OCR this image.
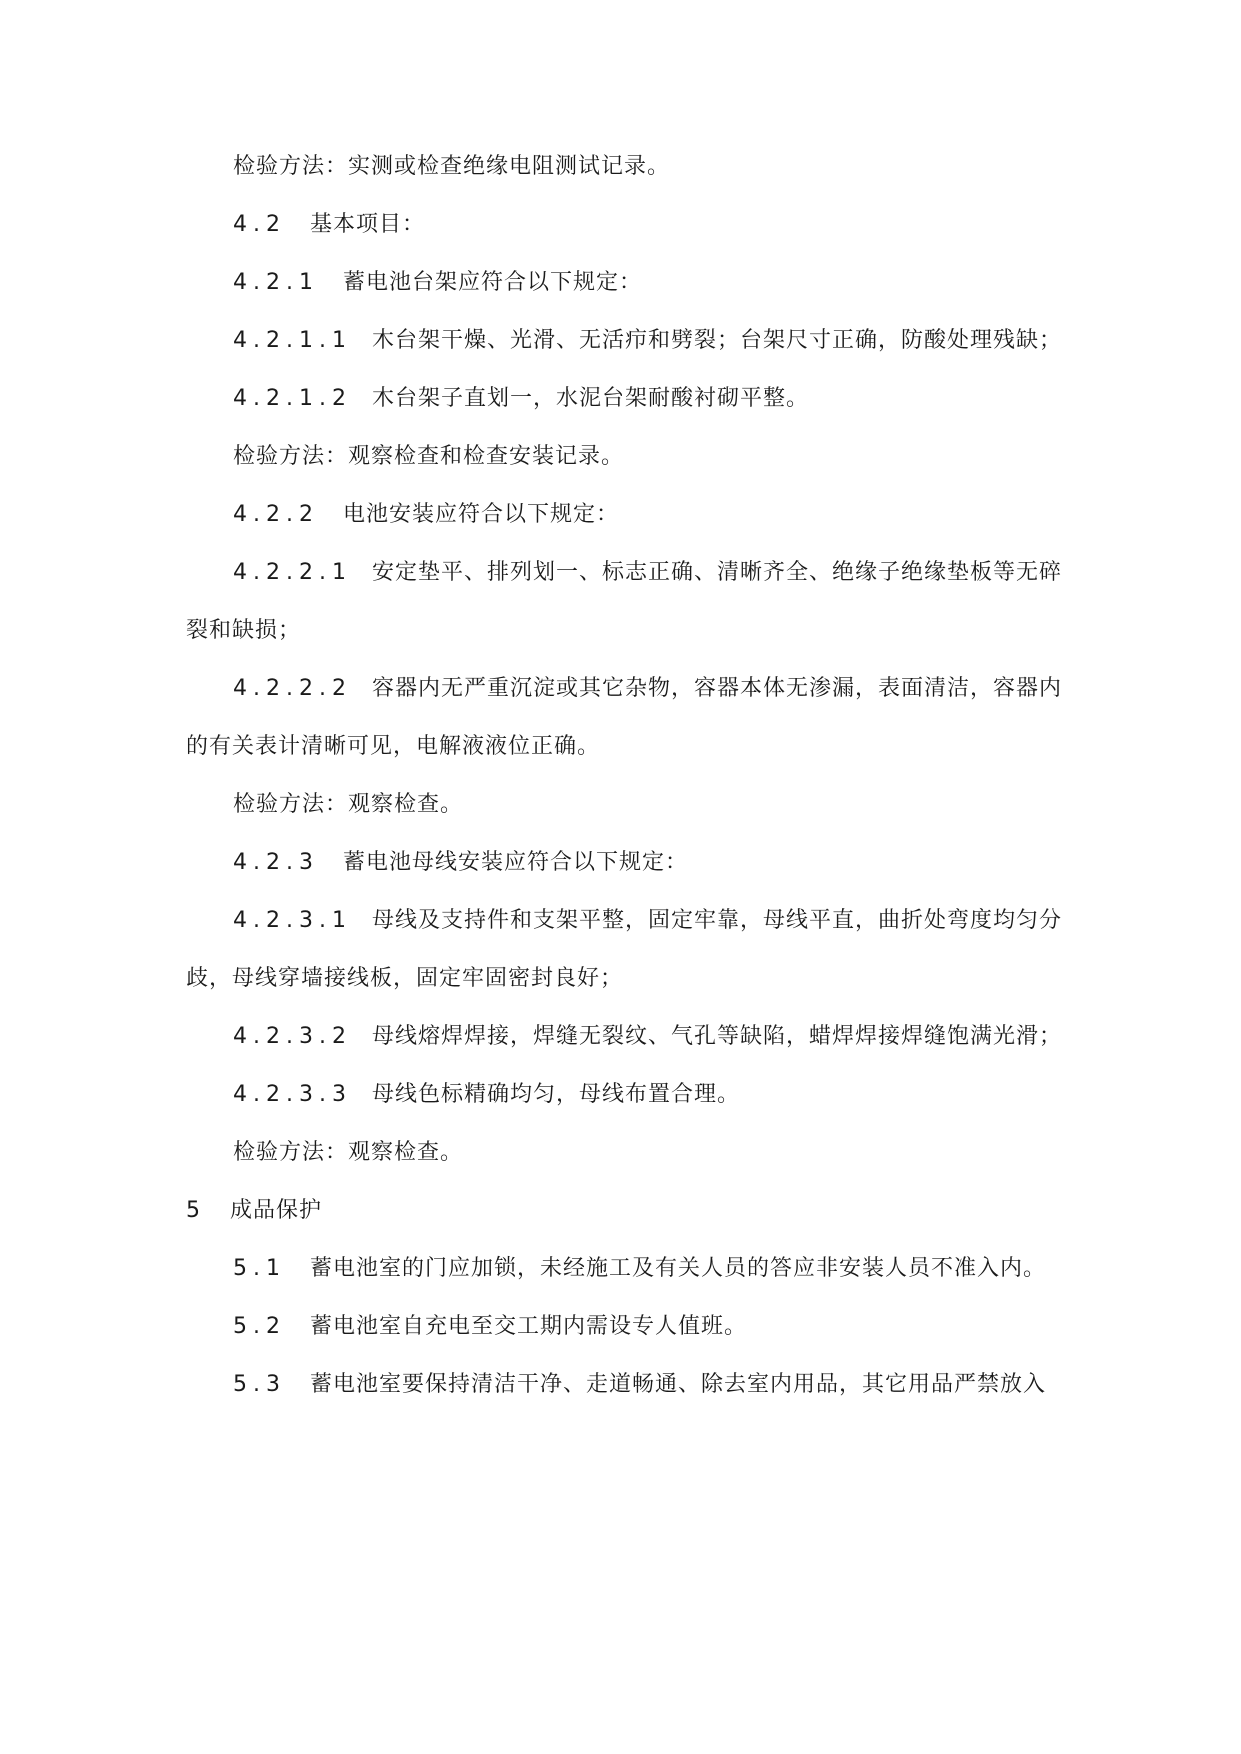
检验方法：实测或检查绝缘电阻测试记录。
4.2 基本项目：
4.2.1 蓄电池台架应符合以下规定：
4.2.1.1 木台架干燥、光滑、无活疖和劈裂；台架尺寸正确，防酸处理残缺；
4.2.1.2 木台架子直划一，水泥台架耐酸衬砌平整。
检验方法：观察检查和检查安装记录。
4.2.2 电池安装应符合以下规定：
4.2.2.1 安定垫平、排列划一、标志正确、清晰齐全、绝缘子绝缘垫板等无碎
裂和缺损；
4.2.2.2 容器内无严重沉淀或其它杂物，容器本体无渗漏，表面清洁，容器内
的有关表计清晰可见，电解液液位正确。
检验方法：观察检查。
4.2.3 蓄电池母线安装应符合以下规定：
4.2.3.1 母线及支持件和支架平整，固定牢靠，母线平直，曲折处弯度均匀分
歧，母线穿墙接线板，固定牢固密封良好；
4.2.3.2 母线熔焊焊接，焊缝无裂纹、气孔等缺陷，蜡焊焊接焊缝饱满光滑；
4.2.3.3 母线色标精确均匀，母线布置合理。
检验方法：观察检查。
5 成品保护
5.1 蓄电池室的门应加锁，未经施工及有关人员的答应非安装人员不准入内。
5.2 蓄电池室自充电至交工期内需设专人值班。
5.3 蓄电池室要保持清洁干净、走道畅通、除去室内用品，其它用品严禁放入
